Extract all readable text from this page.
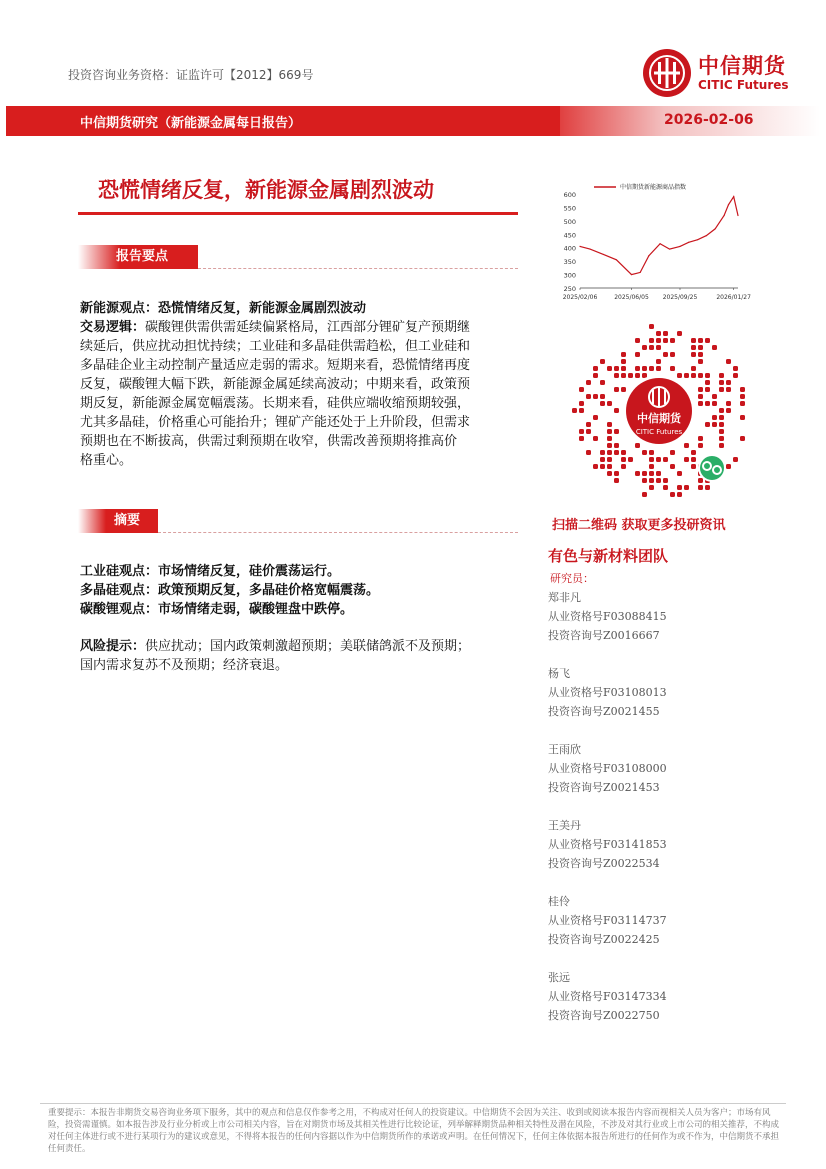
投资咨询业务资格：证监许可【2012】669号	中信期货
CITIC Futures
中信期货研究（新能源金属每日报告）	2026-02-06
恐慌情绪反复，新能源金属剧烈波动
报告要点
新能源观点：恐慌情绪反复，新能源金属剧烈波动
交易逻辑：碳酸锂供需供需延续偏紧格局，江西部分锂矿复产预期继
续延后，供应扰动担忧持续；工业硅和多晶硅供需趋松，但工业硅和
多晶硅企业主动控制产量适应走弱的需求。短期来看，恐慌情绪再度
反复，碳酸锂大幅下跌，新能源金属延续高波动；中期来看，政策预
期反复，新能源金属宽幅震荡。长期来看，硅供应端收缩预期较强，
尤其多晶硅，价格重心可能抬升；锂矿产能还处于上升阶段，但需求
预期也在不断拔高，供需过剩预期在收窄，供需改善预期将推高价
格重心。
摘要
工业硅观点：市场情绪反复，硅价震荡运行。
多晶硅观点：政策预期反复，多晶硅价格宽幅震荡。
碳酸锂观点：市场情绪走弱，碳酸锂盘中跌停。
风险提示：供应扰动；国内政策刺激超预期；美联储鸽派不及预期；
国内需求复苏不及预期；经济衰退。
250
300
350
400
450
500
550
600
2025/02/06	2025/06/05 2025/09/25	2026/01/27
中信期货新能源商品指数
中信期货
CITIC Futures
扫描二维码 获取更多投研资讯
有色与新材料团队
研究员：
郑非凡
从业资格号F03088415
投资咨询号Z0016667
杨飞
从业资格号F03108013
投资咨询号Z0021455
王雨欣
从业资格号F03108000
投资咨询号Z0021453
王美丹
从业资格号F03141853
投资咨询号Z0022534
桂伶
从业资格号F03114737
投资咨询号Z0022425
张远
从业资格号F03147334
投资咨询号Z0022750
重要提示：本报告非期货交易咨询业务项下服务，其中的观点和信息仅作参考之用，不构成对任何人的投资建议。中信期货不会因为关注、收到或阅读本报告内容而视相关人员为客户；市场有风险，投资需谨慎。如本报告涉及行业分析或上市公司相关内容，旨在对期货市场及其相关性进行比较论证，列举解释期货品种相关特性及潜在风险，不涉及对其行业或上市公司的相关推荐，不构成对任何主体进行或不进行某项行为的建议或意见，不得将本报告的任何内容据以作为中信期货所作的承诺或声明。在任何情况下，任何主体依据本报告所进行的任何作为或不作为，中信期货不承担任何责任。
